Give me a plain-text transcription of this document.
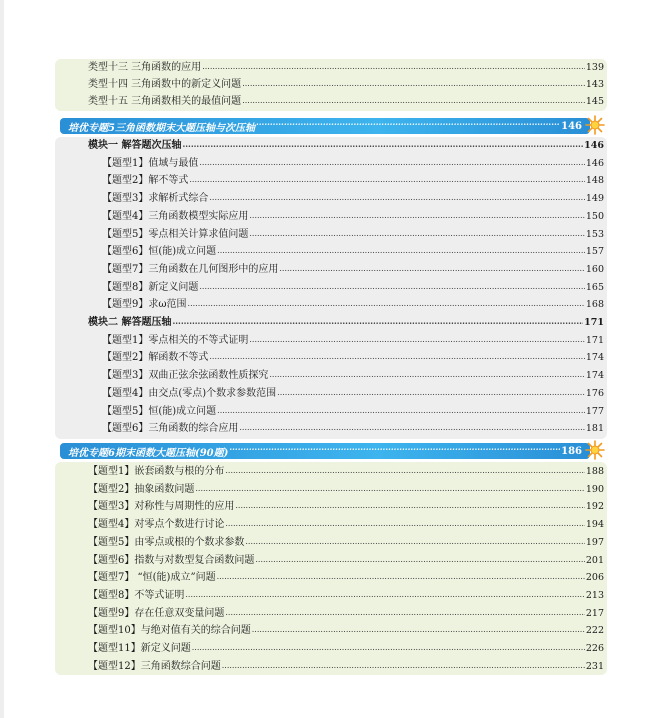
类型十三 三角函数的应用 .....	139
类型十四 三角函数中的新定义问题 .....	143
类型十五 三角函数相关的最值问题 .....	145
培优专题5三角函数期末大题压轴与次压轴 .....	146
模块一 解答题次压轴 .....	146
【题型1】值域与最值 .....	146
【题型2】解不等式 .....	148
【题型3】求解析式综合 .....	149
【题型4】三角函数模型实际应用 .....	150
【题型5】零点相关计算求值问题 .....	153
【题型6】恒(能)成立问题 .....	157
【题型7】三角函数在几何图形中的应用 .....	160
【题型8】新定义问题 .....	165
【题型9】求ω范围 .....	168
模块二 解答题压轴 .....	171
【题型1】零点相关的不等式证明 .....	171
【题型2】解函数不等式 .....	174
【题型3】双曲正弦余弦函数性质探究 .....	174
【题型4】由交点(零点)个数求参数范围 .....	176
【题型5】恒(能)成立问题 .....	177
【题型6】三角函数的综合应用 .....	181
培优专题6期末函数大题压轴(90题) .....	186
【题型1】嵌套函数与根的分布 .....	188
【题型2】抽象函数问题 .....	190
【题型3】对称性与周期性的应用 .....	192
【题型4】对零点个数进行讨论 .....	194
【题型5】由零点或根的个数求参数 .....	197
【题型6】指数与对数型复合函数问题 .....	201
【题型7】 “恒(能)成立”问题 .....	206
【题型8】不等式证明 .....	213
【题型9】存在任意双变量问题 .....	217
【题型10】与绝对值有关的综合问题 .....	222
【题型11】新定义问题 .....	226
【题型12】三角函数综合问题 .....	231
